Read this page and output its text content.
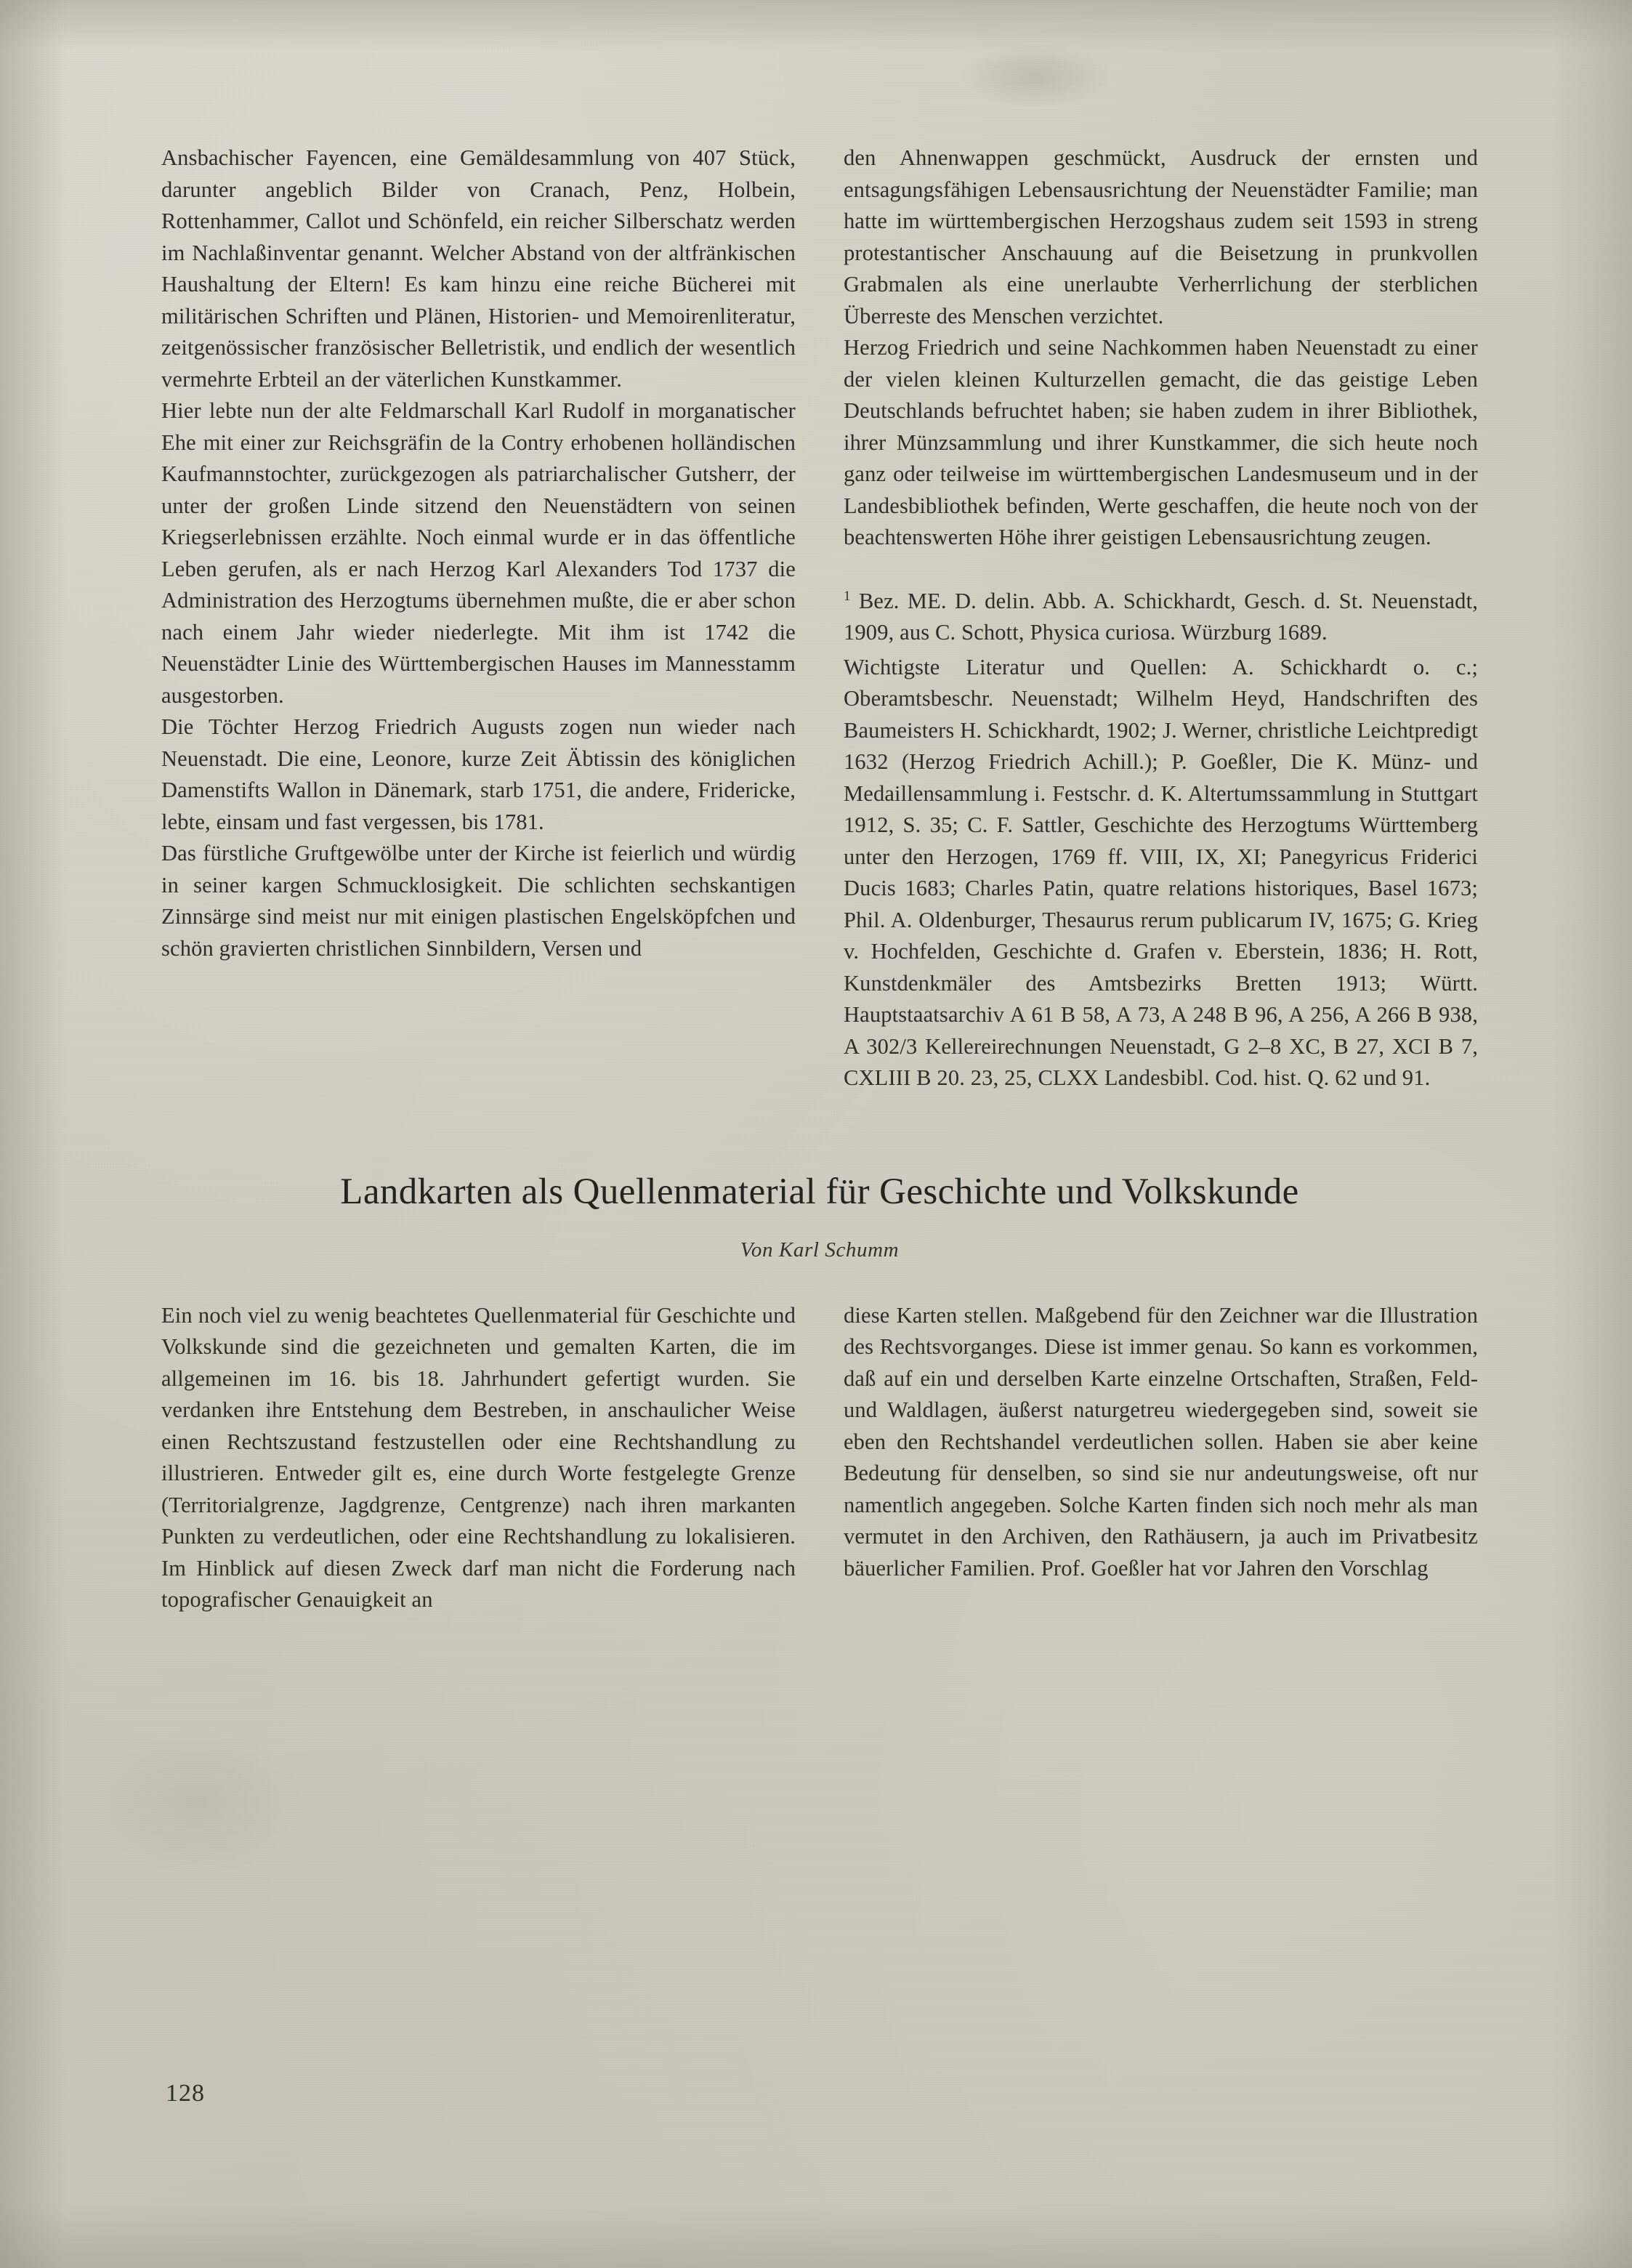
Ansbachischer Fayencen, eine Gemäldesammlung von 407 Stück, darunter angeblich Bilder von Cranach, Penz, Holbein, Rottenhammer, Callot und Schönfeld, ein reicher Silberschatz werden im Nachlaßinventar genannt. Welcher Abstand von der altfränkischen Haushaltung der Eltern! Es kam hinzu eine reiche Bücherei mit militärischen Schriften und Plänen, Historien- und Memoirenliteratur, zeitgenössischer französischer Belletristik, und endlich der wesentlich vermehrte Erbteil an der väterlichen Kunstkammer.

Hier lebte nun der alte Feldmarschall Karl Rudolf in morganatischer Ehe mit einer zur Reichsgräfin de la Contry erhobenen holländischen Kaufmannstochter, zurückgezogen als patriarchalischer Gutsherr, der unter der großen Linde sitzend den Neuenstädtern von seinen Kriegserlebnissen erzählte. Noch einmal wurde er in das öffentliche Leben gerufen, als er nach Herzog Karl Alexanders Tod 1737 die Administration des Herzogtums übernehmen mußte, die er aber schon nach einem Jahr wieder niederlegte. Mit ihm ist 1742 die Neuenstädter Linie des Württembergischen Hauses im Mannesstamm ausgestorben.

Die Töchter Herzog Friedrich Augusts zogen nun wieder nach Neuenstadt. Die eine, Leonore, kurze Zeit Äbtissin des königlichen Damenstifts Wallon in Dänemark, starb 1751, die andere, Fridericke, lebte, einsam und fast vergessen, bis 1781.

Das fürstliche Gruftgewölbe unter der Kirche ist feierlich und würdig in seiner kargen Schmucklosigkeit. Die schlichten sechskantigen Zinnsärge sind meist nur mit einigen plastischen Engelsköpfchen und schön gravierten christlichen Sinnbildern, Versen und

den Ahnenwappen geschmückt, Ausdruck der ernsten und entsagungsfähigen Lebensausrichtung der Neuenstädter Familie; man hatte im württembergischen Herzogshaus zudem seit 1593 in streng protestantischer Anschauung auf die Beisetzung in prunkvollen Grabmalen als eine unerlaubte Verherrlichung der sterblichen Überreste des Menschen verzichtet.

Herzog Friedrich und seine Nachkommen haben Neuenstadt zu einer der vielen kleinen Kulturzellen gemacht, die das geistige Leben Deutschlands befruchtet haben; sie haben zudem in ihrer Bibliothek, ihrer Münzsammlung und ihrer Kunstkammer, die sich heute noch ganz oder teilweise im württembergischen Landesmuseum und in der Landesbibliothek befinden, Werte geschaffen, die heute noch von der beachtenswerten Höhe ihrer geistigen Lebensausrichtung zeugen.

$^1$ Bez. ME. D. delin. Abb. A. Schickhardt, Gesch. d. St. Neuenstadt, 1909, aus C. Schott, Physica curiosa. Würzburg 1689.

Wichtigste Literatur und Quellen: A. Schickhardt o. c.; Oberamtsbeschr. Neuenstadt; Wilhelm Heyd, Handschriften des Baumeisters H. Schickhardt, 1902; J. Werner, christliche Leichtpredigt 1632 (Herzog Friedrich Achill.); P. Goeßler, Die K. Münz- und Medaillensammlung i. Festschr. d. K. Altertumssammlung in Stuttgart 1912, S. 35; C. F. Sattler, Geschichte des Herzogtums Württemberg unter den Herzogen, 1769 ff. VIII, IX, XI; Panegyricus Friderici Ducis 1683; Charles Patin, quatre relations historiques, Basel 1673; Phil. A. Oldenburger, Thesaurus rerum publicarum IV, 1675; G. Krieg v. Hochfelden, Geschichte d. Grafen v. Eberstein, 1836; H. Rott, Kunstdenkmäler des Amtsbezirks Bretten 1913; Württ. Hauptstaatsarchiv A 61 B 58, A 73, A 248 B 96, A 256, A 266 B 938, A 302/3 Kellereirechnungen Neuenstadt, G 2–8 XC, B 27, XCI B 7, CXLIII B 20. 23, 25, CLXX Landesbibl. Cod. hist. Q. 62 und 91.

Landkarten als Quellenmaterial für Geschichte und Volkskunde
Von Karl Schumm

Ein noch viel zu wenig beachtetes Quellenmaterial für Geschichte und Volkskunde sind die gezeichneten und gemalten Karten, die im allgemeinen im 16. bis 18. Jahrhundert gefertigt wurden. Sie verdanken ihre Entstehung dem Bestreben, in anschaulicher Weise einen Rechtszustand festzustellen oder eine Rechtshandlung zu illustrieren. Entweder gilt es, eine durch Worte festgelegte Grenze (Territorialgrenze, Jagdgrenze, Centgrenze) nach ihren markanten Punkten zu verdeutlichen, oder eine Rechtshandlung zu lokalisieren. Im Hinblick auf diesen Zweck darf man nicht die Forderung nach topografischer Genauigkeit an

diese Karten stellen. Maßgebend für den Zeichner war die Illustration des Rechtsvorganges. Diese ist immer genau. So kann es vorkommen, daß auf ein und derselben Karte einzelne Ortschaften, Straßen, Feld- und Waldlagen, äußerst naturgetreu wiedergegeben sind, soweit sie eben den Rechtshandel verdeutlichen sollen. Haben sie aber keine Bedeutung für denselben, so sind sie nur andeutungsweise, oft nur namentlich angegeben. Solche Karten finden sich noch mehr als man vermutet in den Archiven, den Rathäusern, ja auch im Privatbesitz bäuerlicher Familien. Prof. Goeßler hat vor Jahren den Vorschlag

128
